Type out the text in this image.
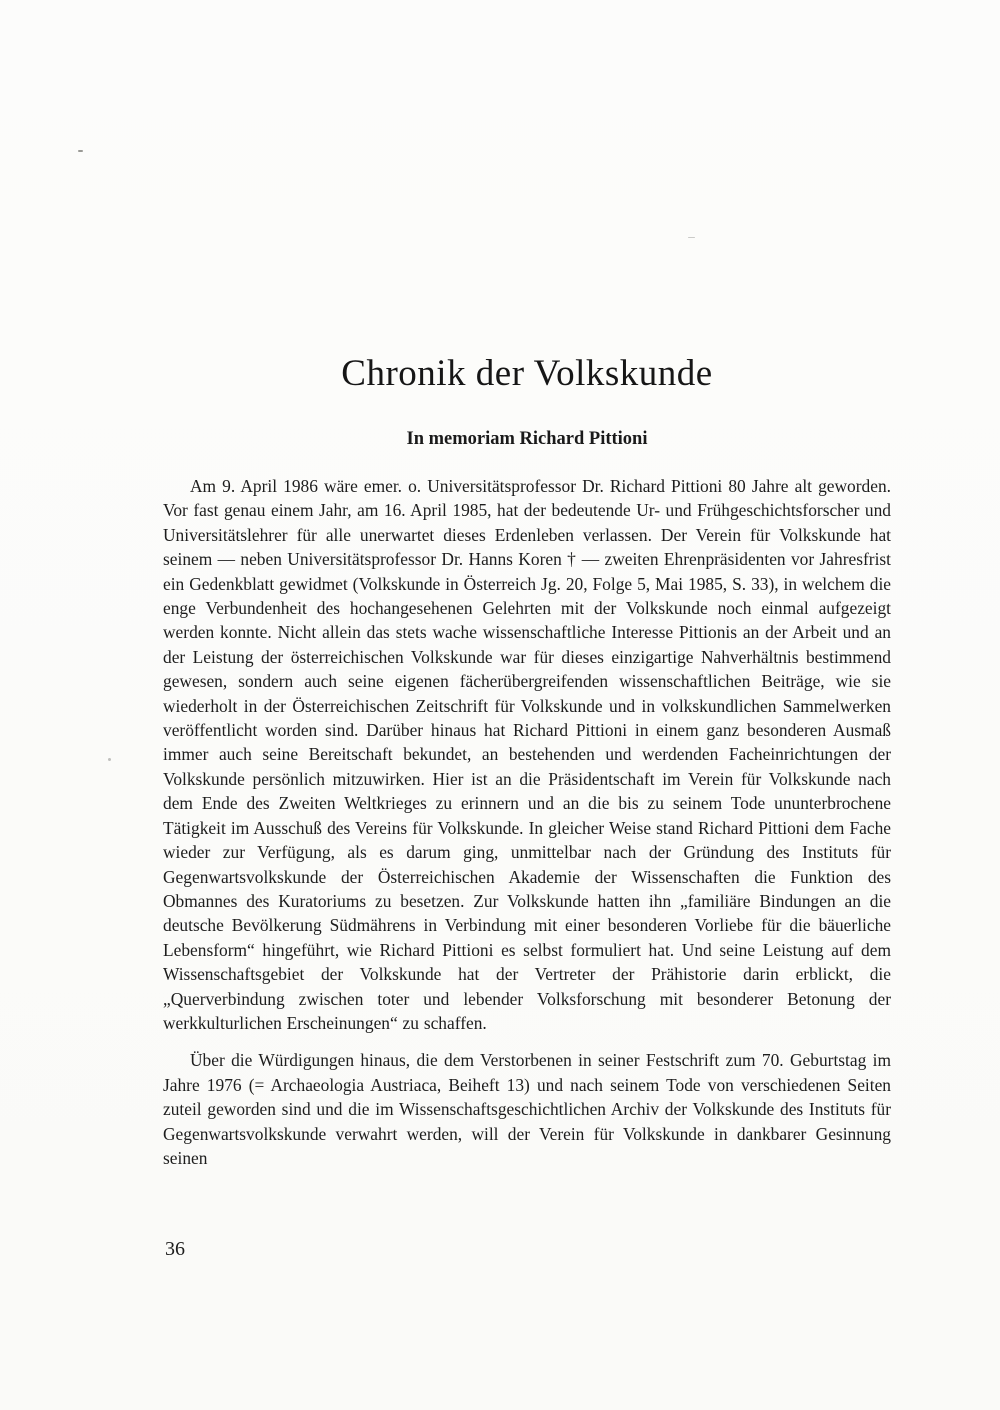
Chronik der Volkskunde
In memoriam Richard Pittioni

Am 9. April 1986 wäre emer. o. Universitätsprofessor Dr. Richard Pittioni 80 Jahre alt geworden. Vor fast genau einem Jahr, am 16. April 1985, hat der bedeutende Ur- und Frühgeschichtsforscher und Universitätslehrer für alle unerwartet dieses Erdenleben verlassen. Der Verein für Volkskunde hat seinem — neben Universitätsprofessor Dr. Hanns Koren † — zweiten Ehrenpräsidenten vor Jahresfrist ein Gedenkblatt gewidmet (Volkskunde in Österreich Jg. 20, Folge 5, Mai 1985, S. 33), in welchem die enge Verbundenheit des hochangesehenen Gelehrten mit der Volkskunde noch einmal aufgezeigt werden konnte. Nicht allein das stets wache wissenschaftliche Interesse Pittionis an der Arbeit und an der Leistung der österreichischen Volkskunde war für dieses einzigartige Nahverhältnis bestimmend gewesen, sondern auch seine eigenen fächerübergreifenden wissenschaftlichen Beiträge, wie sie wiederholt in der Österreichischen Zeitschrift für Volkskunde und in volkskundlichen Sammelwerken veröffentlicht worden sind. Darüber hinaus hat Richard Pittioni in einem ganz besonderen Ausmaß immer auch seine Bereitschaft bekundet, an bestehenden und werdenden Facheinrichtungen der Volkskunde persönlich mitzuwirken. Hier ist an die Präsidentschaft im Verein für Volkskunde nach dem Ende des Zweiten Weltkrieges zu erinnern und an die bis zu seinem Tode ununterbrochene Tätigkeit im Ausschuß des Vereins für Volkskunde. In gleicher Weise stand Richard Pittioni dem Fache wieder zur Verfügung, als es darum ging, unmittelbar nach der Gründung des Instituts für Gegenwartsvolkskunde der Österreichischen Akademie der Wissenschaften die Funktion des Obmannes des Kuratoriums zu besetzen. Zur Volkskunde hatten ihn „familiäre Bindungen an die deutsche Bevölkerung Südmährens in Verbindung mit einer besonderen Vorliebe für die bäuerliche Lebensform“ hingeführt, wie Richard Pittioni es selbst formuliert hat. Und seine Leistung auf dem Wissenschaftsgebiet der Volkskunde hat der Vertreter der Prähistorie darin erblickt, die „Querverbindung zwischen toter und lebender Volksforschung mit besonderer Betonung der werkkulturlichen Erscheinungen“ zu schaffen.

Über die Würdigungen hinaus, die dem Verstorbenen in seiner Festschrift zum 70. Geburtstag im Jahre 1976 (= Archaeologia Austriaca, Beiheft 13) und nach seinem Tode von verschiedenen Seiten zuteil geworden sind und die im Wissenschaftsgeschichtlichen Archiv der Volkskunde des Instituts für Gegenwartsvolkskunde verwahrt werden, will der Verein für Volkskunde in dankbarer Gesinnung seinen

36
